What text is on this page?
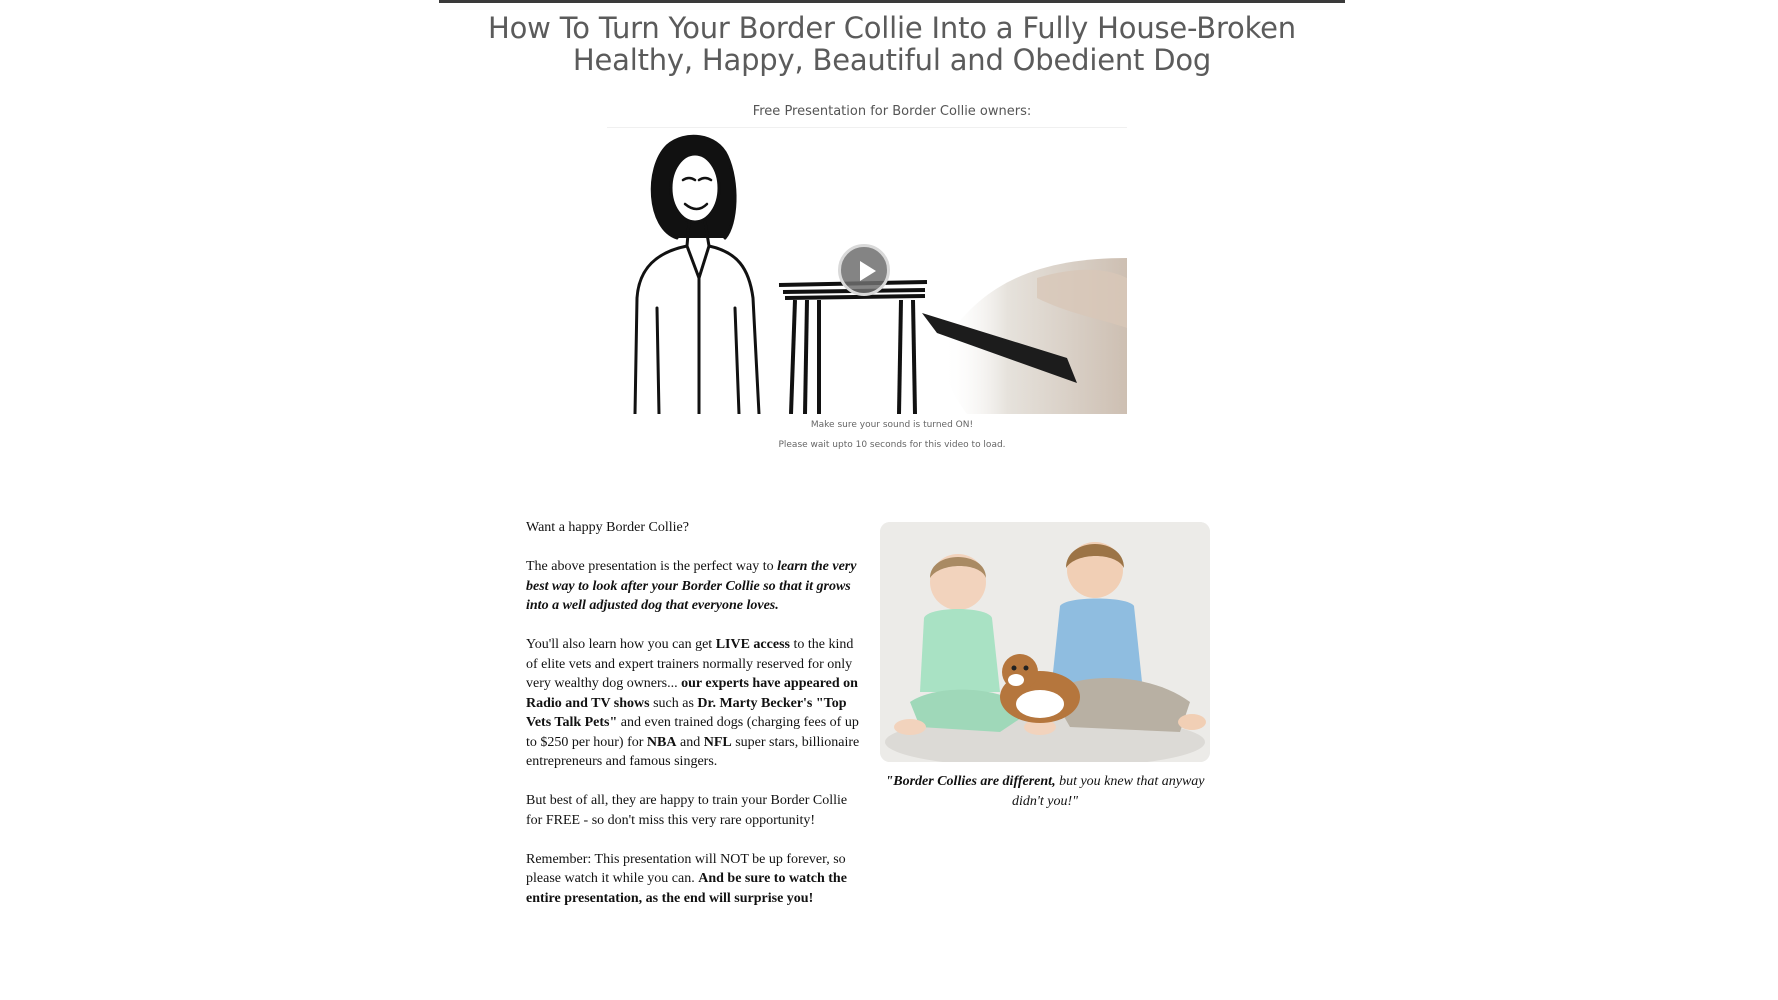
How To Turn Your Border Collie Into a Fully House-Broken Healthy, Happy, Beautiful and Obedient Dog
Free Presentation for Border Collie owners:
Make sure your sound is turned ON!
Please wait upto 10 seconds for this video to load.

Want a happy Border Collie?

The above presentation is the perfect way to learn the very best way to look after your Border Collie so that it grows into a well adjusted dog that everyone loves.

You'll also learn how you can get LIVE access to the kind of elite vets and expert trainers normally reserved for only very wealthy dog owners... our experts have appeared on Radio and TV shows such as Dr. Marty Becker's "Top Vets Talk Pets" and even trained dogs (charging fees of up to $250 per hour) for NBA and NFL super stars, billionaire entrepreneurs and famous singers.

But best of all, they are happy to train your Border Collie for FREE - so don't miss this very rare opportunity!

Remember: This presentation will NOT be up forever, so please watch it while you can. And be sure to watch the entire presentation, as the end will surprise you!

"Border Collies are different, but you knew that anyway didn't you!"
